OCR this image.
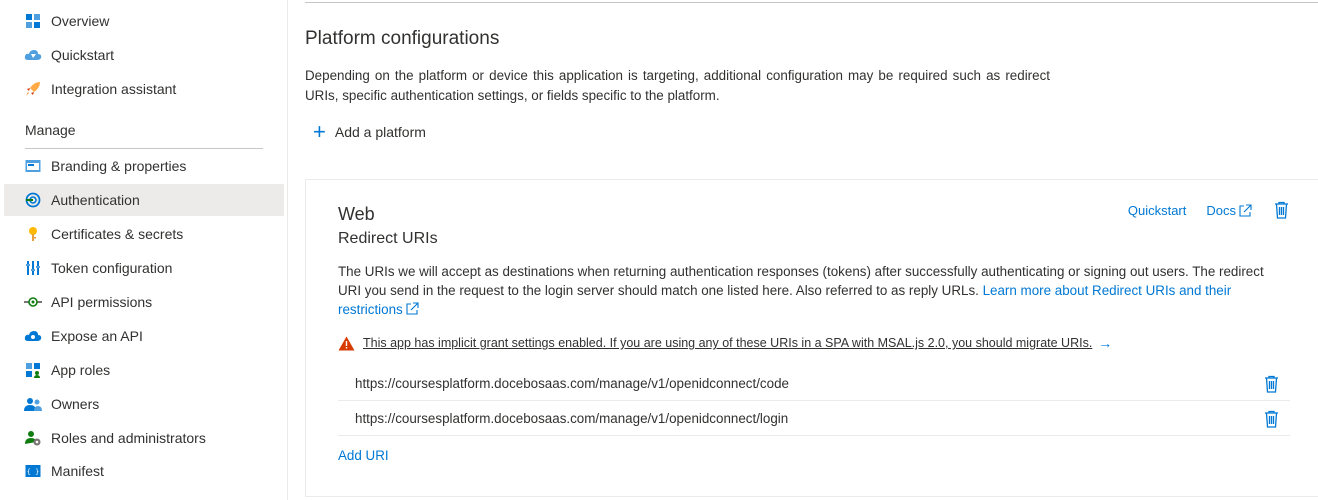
Overview
Quickstart
Integration assistant
Manage
Branding & properties
Authentication
Certificates & secrets
Token configuration
API permissions
Expose an API
App roles
Owners
Roles and administrators
{ } Manifest
Platform configurations
Depending on the platform or device this application is targeting, additional configuration may be required such as redirect URIs, specific authentication settings, or fields specific to the platform.
+ Add a platform
Web
Redirect URIs
Quickstart Docs
The URIs we will accept as destinations when returning authentication responses (tokens) after successfully authenticating or signing out users. The redirect URI you send in the request to the login server should match one listed here. Also referred to as reply URLs. Learn more about Redirect URIs and their restrictions
This app has implicit grant settings enabled. If you are using any of these URIs in a SPA with MSAL.js 2.0, you should migrate URIs. →
https://coursesplatform.docebosaas.com/manage/v1/openidconnect/code
https://coursesplatform.docebosaas.com/manage/v1/openidconnect/login
Add URI
